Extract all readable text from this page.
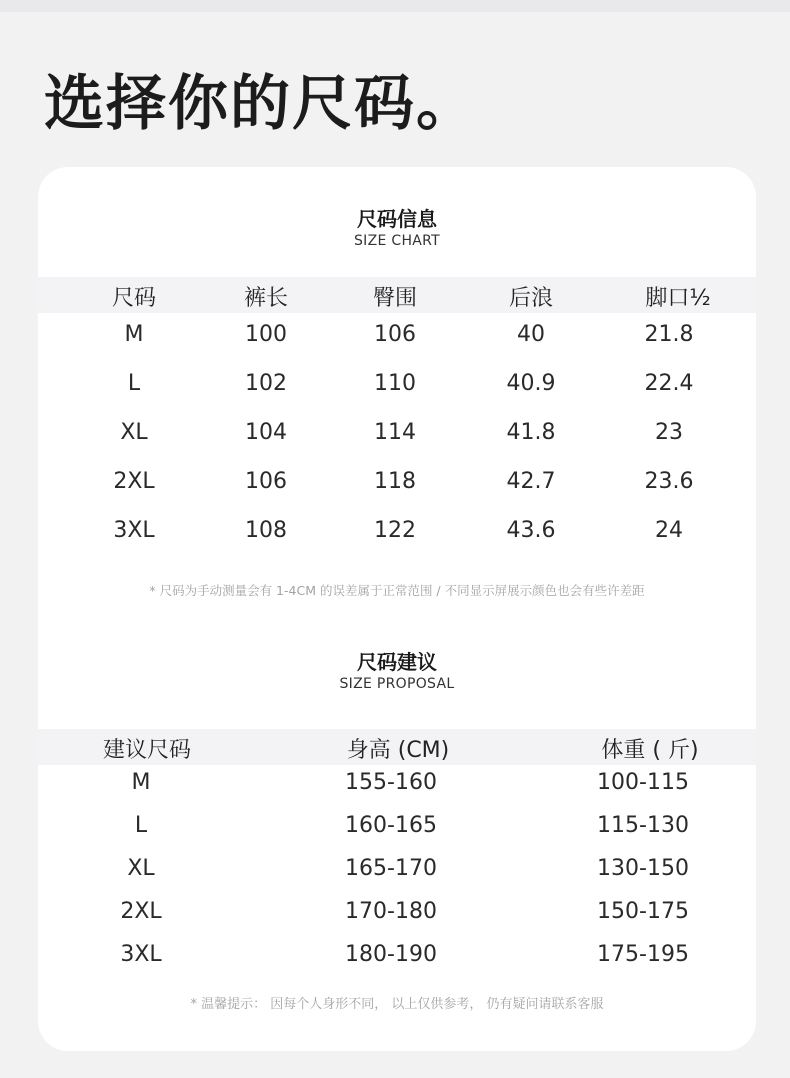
选择你的尺码。
尺码信息
SIZE CHART
尺码	裤长	臀围	后浪	脚口½
M	100	106	40	21.8
L	102	110	40.9	22.4
XL	104	114	41.8	23
2XL	106	118	42.7	23.6
3XL	108	122	43.6	24
* 尺码为手动测量会有 1-4CM 的误差属于正常范围 / 不同显示屏展示颜色也会有些许差距
尺码建议
SIZE PROPOSAL
建议尺码	身高 (CM)	体重 ( 斤)
M	155-160	100-115
L	160-165	115-130
XL	165-170	130-150
2XL	170-180	150-175
3XL	180-190	175-195
* 温馨提示： 因每个人身形不同， 以上仅供参考， 仍有疑问请联系客服
